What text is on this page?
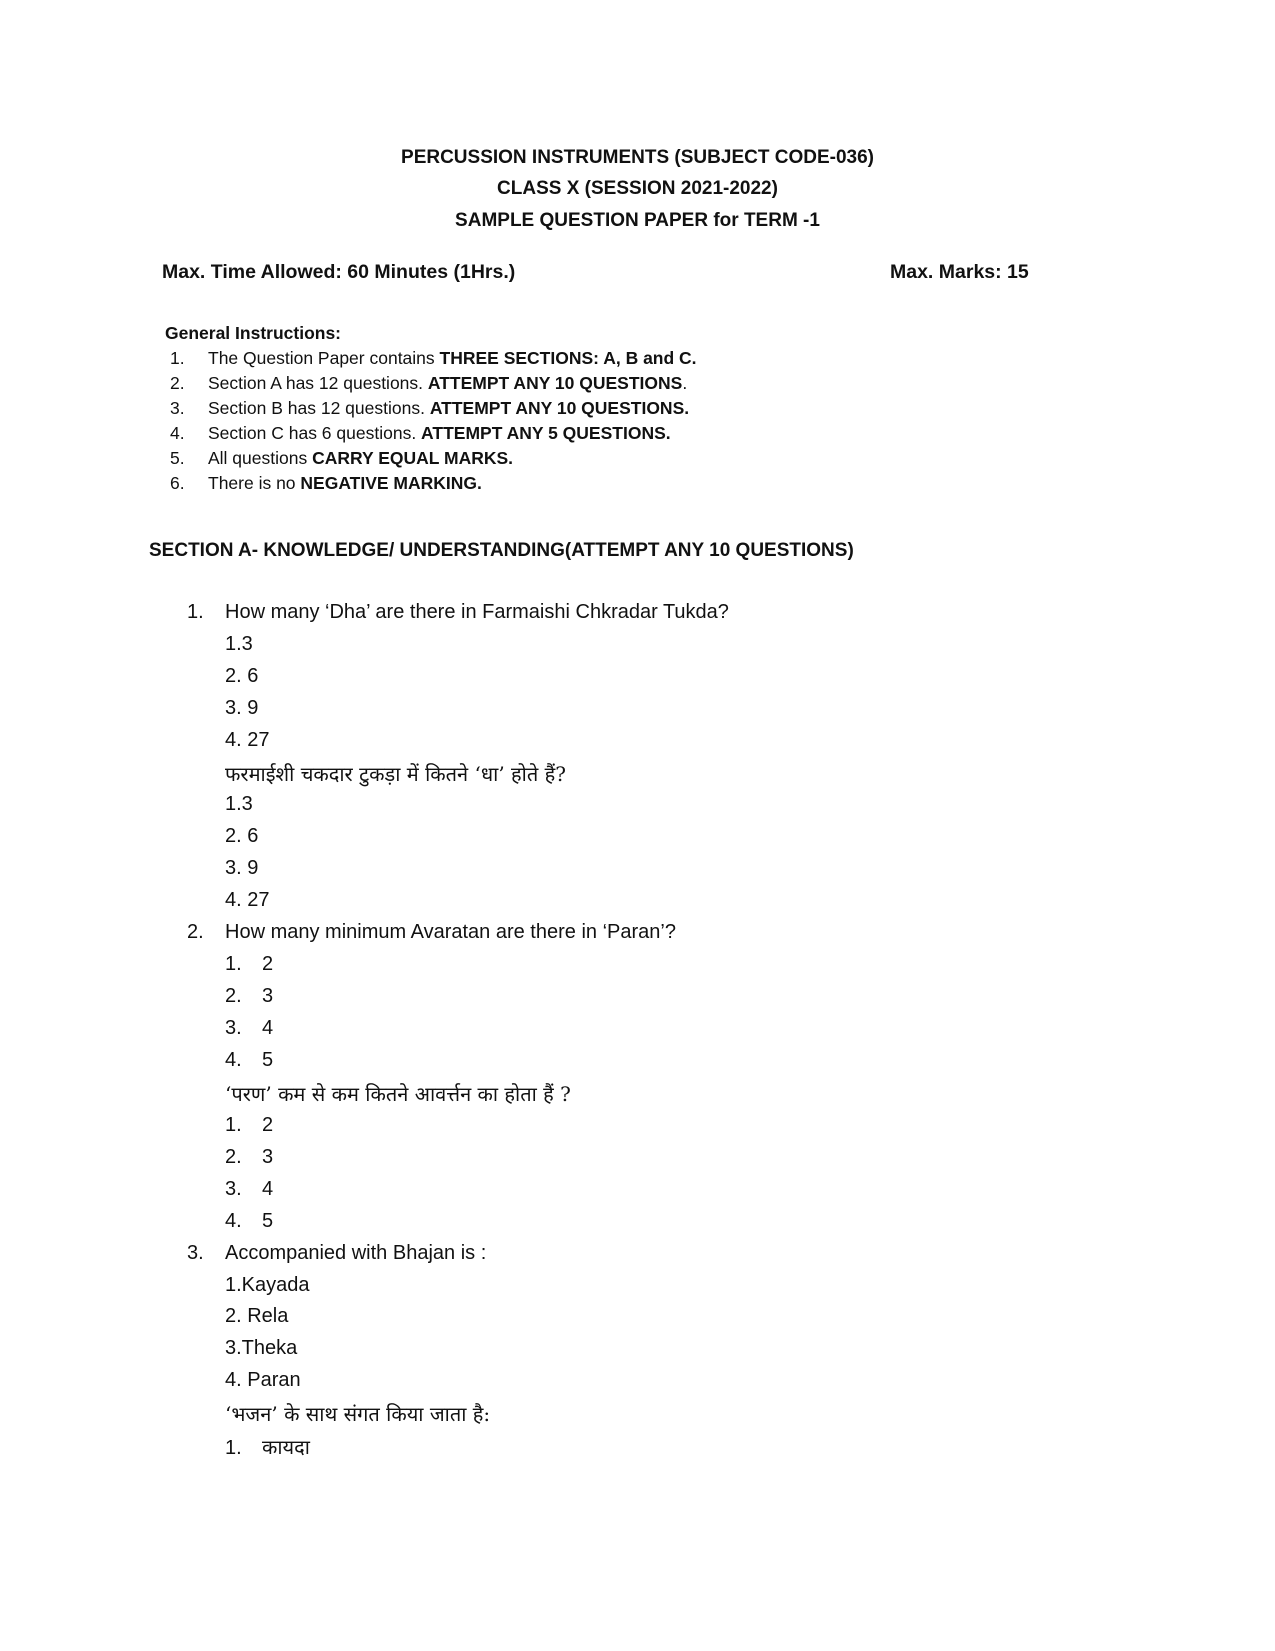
PERCUSSION INSTRUMENTS (SUBJECT CODE-036)
CLASS X (SESSION 2021-2022)
SAMPLE QUESTION PAPER for TERM -1
Max. Time Allowed: 60 Minutes (1Hrs.)	Max. Marks: 15
General Instructions:
1. The Question Paper contains THREE SECTIONS: A, B and C.
2. Section A has 12 questions. ATTEMPT ANY 10 QUESTIONS.
3. Section B has 12 questions. ATTEMPT ANY 10 QUESTIONS.
4. Section C has 6 questions. ATTEMPT ANY 5 QUESTIONS.
5. All questions CARRY EQUAL MARKS.
6. There is no NEGATIVE MARKING.
SECTION A- KNOWLEDGE/ UNDERSTANDING(ATTEMPT ANY 10 QUESTIONS)
1. How many ‘Dha’ are there in Farmaishi Chkradar Tukda?
1.3
2. 6
3. 9
4. 27
फरमाईशी चकदार टुकड़ा में कितने ‘धा’ होते हैं?
1.3
2. 6
3. 9
4. 27
2. How many minimum Avaratan are there in ‘Paran’?
1. 2
2. 3
3. 4
4. 5
‘परण’ कम से कम कितने आवर्त्तन का होता हैं ?
1. 2
2. 3
3. 4
4. 5
3. Accompanied with Bhajan is :
1.Kayada
2. Rela
3.Theka
4. Paran
‘भजन’ के साथ संगत किया जाता है:
1. कायदा
